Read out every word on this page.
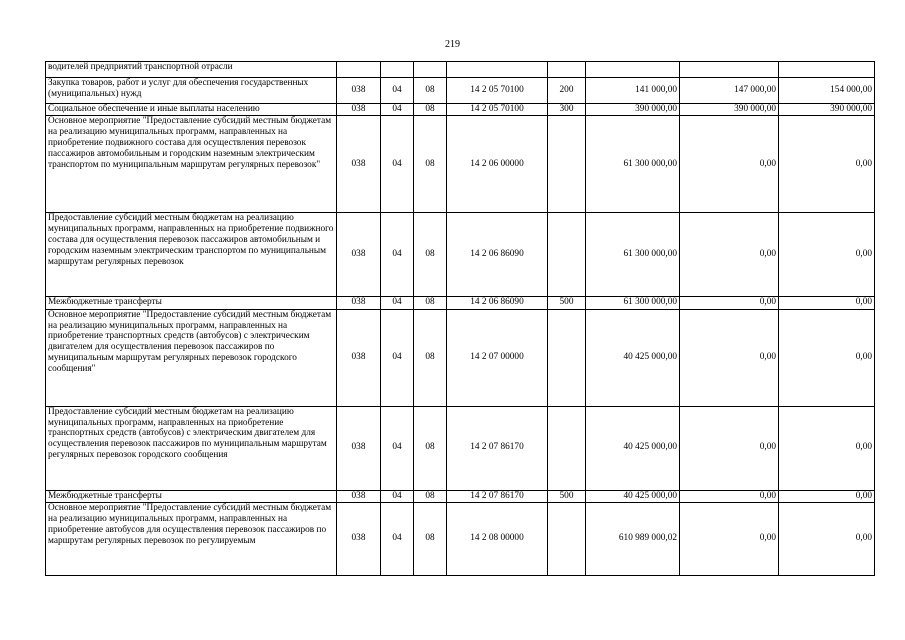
219
водителей предприятий транспортной отрасли								
Закупка товаров, работ и услуг для обеспечения государственных (муниципальных) нужд	038	04	08	14 2 05 70100	200	141 000,00	147 000,00	154 000,00
Социальное обеспечение и иные выплаты населению	038	04	08	14 2 05 70100	300	390 000,00	390 000,00	390 000,00
Основное мероприятие "Предоставление субсидий местным бюджетам на реализацию муниципальных программ, направленных на приобретение подвижного состава для осуществления перевозок пассажиров автомобильным и городским наземным электрическим транспортом по муниципальным маршрутам регулярных перевозок"	038	04	08	14 2 06 00000		61 300 000,00	0,00	0,00
Предоставление субсидий местным бюджетам на реализацию муниципальных программ, направленных на приобретение подвижного состава для осуществления перевозок пассажиров автомобильным и городским наземным электрическим транспортом по муниципальным маршрутам регулярных перевозок	038	04	08	14 2 06 86090		61 300 000,00	0,00	0,00
Межбюджетные трансферты	038	04	08	14 2 06 86090	500	61 300 000,00	0,00	0,00
Основное мероприятие "Предоставление субсидий местным бюджетам на реализацию муниципальных программ, направленных на приобретение транспортных средств (автобусов) с электрическим двигателем для осуществления перевозок пассажиров по муниципальным маршрутам регулярных перевозок городского сообщения"	038	04	08	14 2 07 00000		40 425 000,00	0,00	0,00
Предоставление субсидий местным бюджетам на реализацию муниципальных программ, направленных на приобретение транспортных средств (автобусов) с электрическим двигателем для осуществления перевозок пассажиров по муниципальным маршрутам регулярных перевозок городского сообщения	038	04	08	14 2 07 86170		40 425 000,00	0,00	0,00
Межбюджетные трансферты	038	04	08	14 2 07 86170	500	40 425 000,00	0,00	0,00
Основное мероприятие "Предоставление субсидий местным бюджетам на реализацию муниципальных программ, направленных на приобретение автобусов для осуществления перевозок пассажиров по маршрутам регулярных перевозок по регулируемым	038	04	08	14 2 08 00000		610 989 000,02	0,00	0,00
